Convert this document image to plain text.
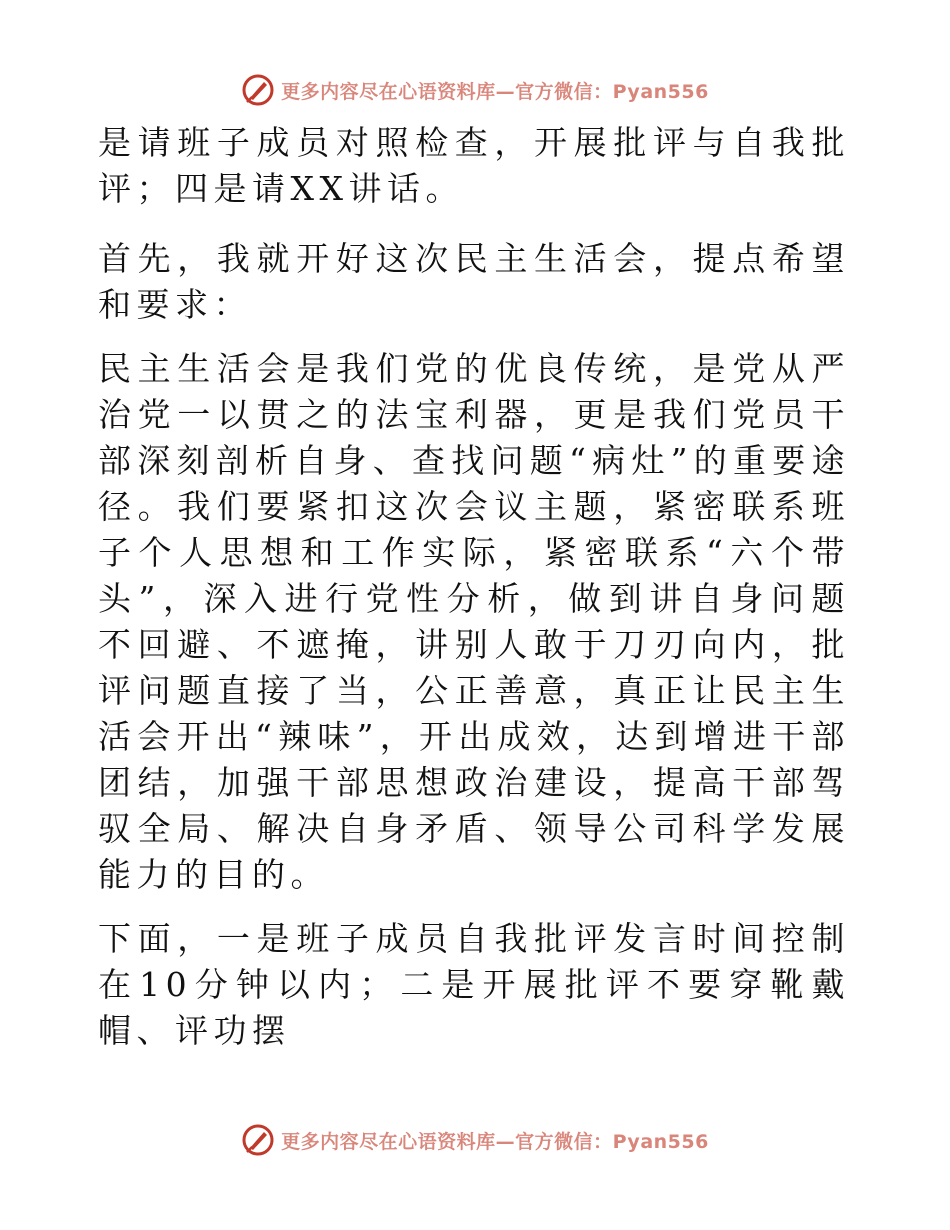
更多内容尽在心语资料库—官方微信：Pyan556

是请班子成员对照检查，开展批评与自我批评；四是请XX讲话。

首先，我就开好这次民主生活会，提点希望和要求：

民主生活会是我们党的优良传统，是党从严治党一以贯之的法宝利器，更是我们党员干部深刻剖析自身、查找问题“病灶”的重要途径。我们要紧扣这次会议主题，紧密联系班子个人思想和工作实际，紧密联系“六个带头”，深入进行党性分析，做到讲自身问题不回避、不遮掩，讲别人敢于刀刃向内，批评问题直接了当，公正善意，真正让民主生活会开出“辣味”，开出成效，达到增进干部团结，加强干部思想政治建设，提高干部驾驭全局、解决自身矛盾、领导公司科学发展能力的目的。

下面，一是班子成员自我批评发言时间控制在10分钟以内；二是开展批评不要穿靴戴帽、评功摆

更多内容尽在心语资料库—官方微信：Pyan556
